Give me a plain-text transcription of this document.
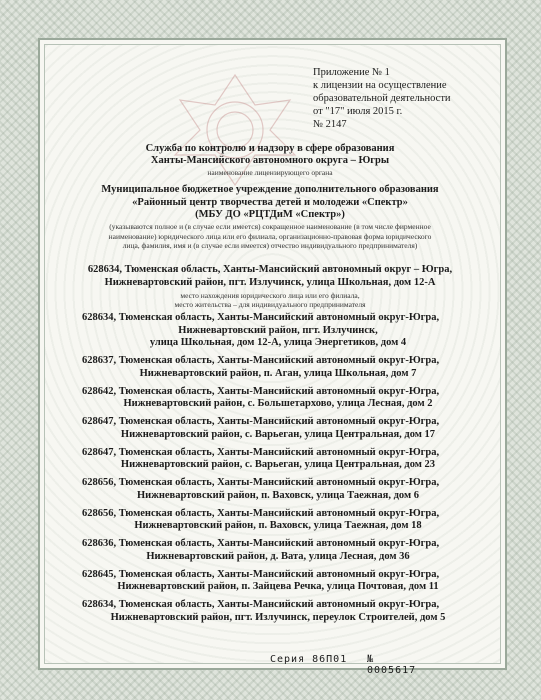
Приложение № 1
к лицензии на осуществление
образовательной деятельности
от "17" июля 2015 г.
№ 2147
Служба по контролю и надзору в сфере образования
Ханты-Мансийского автономного округа – Югры
наименование лицензирующего органа
Муниципальное бюджетное учреждение дополнительного образования
«Районный центр творчества детей и молодежи «Спектр»
(МБУ ДО «РЦТДиМ «Спектр»)
(указываются полное и (в случае если имеется) сокращенное наименование (в том числе фирменное
наименование) юридического лица или его филиала, организационно-правовая форма юридического
лица, фамилия, имя и (в случае если имеется) отчество индивидуального предпринимателя)
628634, Тюменская область, Ханты-Мансийский автономный округ – Югра,
Нижневартовский район, пгт. Излучинск, улица Школьная, дом 12-А
место нахождения юридического лица или его филиала,
место жительства – для индивидуального предпринимателя
628634, Тюменская область, Ханты-Мансийский автономный округ-Югра,
Нижневартовский район, пгт. Излучинск,
улица Школьная, дом 12-А, улица Энергетиков, дом 4
628637, Тюменская область, Ханты-Мансийский автономный округ-Югра,
Нижневартовский район, п. Аган, улица Школьная, дом 7
628642, Тюменская область, Ханты-Мансийский автономный округ-Югра,
Нижневартовский район, с. Большетархово, улица Лесная, дом 2
628647, Тюменская область, Ханты-Мансийский автономный округ-Югра,
Нижневартовский район, с. Варьеган, улица Центральная, дом 17
628647, Тюменская область, Ханты-Мансийский автономный округ-Югра,
Нижневартовский район, с. Варьеган, улица Центральная, дом 23
628656, Тюменская область, Ханты-Мансийский автономный округ-Югра,
Нижневартовский район, п. Ваховск, улица Таежная, дом 6
628656, Тюменская область, Ханты-Мансийский автономный округ-Югра,
Нижневартовский район, п. Ваховск, улица Таежная, дом 18
628636, Тюменская область, Ханты-Мансийский автономный округ-Югра,
Нижневартовский район, д. Вата, улица Лесная, дом 36
628645, Тюменская область, Ханты-Мансийский автономный округ-Югра,
Нижневартовский район, п. Зайцева Речка, улица Почтовая, дом 11
628634, Тюменская область, Ханты-Мансийский автономный округ-Югра,
Нижневартовский район, пгт. Излучинск, переулок Строителей, дом 5
Серия 86П01 № 0005617
